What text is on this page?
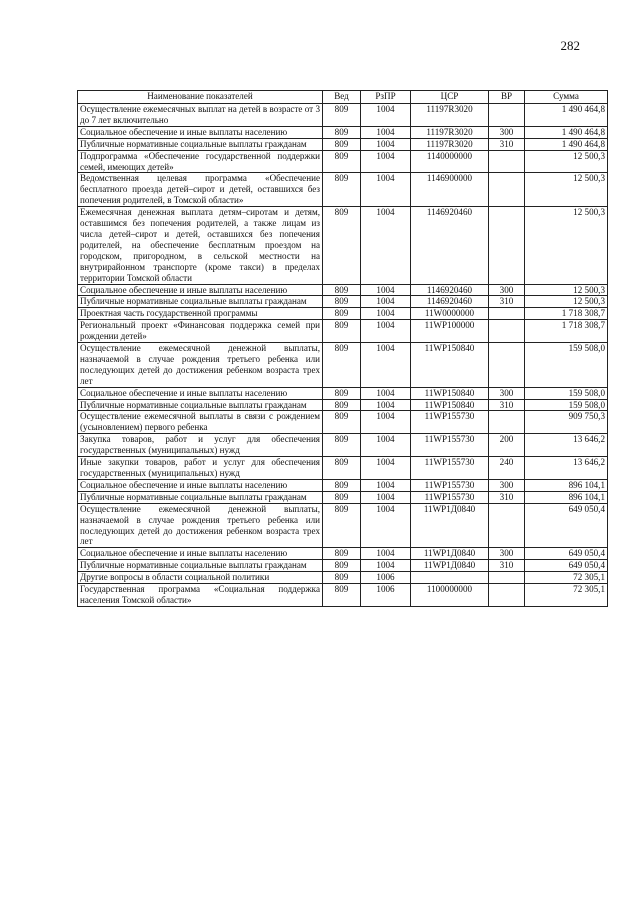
282
Наименование показателей	Вед	РзПР	ЦСР	ВР	Сумма
Осуществление ежемесячных выплат на детей в возрасте от 3 до 7 лет включительно	809	1004	11197R3020		1 490 464,8
Социальное обеспечение и иные выплаты населению	809	1004	11197R3020	300	1 490 464,8
Публичные нормативные социальные выплаты гражданам	809	1004	11197R3020	310	1 490 464,8
Подпрограмма «Обеспечение государственной поддержки семей, имеющих детей»	809	1004	1140000000		12 500,3
Ведомственная целевая программа «Обеспечение бесплатного проезда детей–сирот и детей, оставшихся без попечения родителей, в Томской области»	809	1004	1146900000		12 500,3
Ежемесячная денежная выплата детям–сиротам и детям, оставшимся без попечения родителей, а также лицам из числа детей–сирот и детей, оставшихся без попечения родителей, на обеспечение бесплатным проездом на городском, пригородном, в сельской местности на внутрирайонном транспорте (кроме такси) в пределах территории Томской области	809	1004	1146920460		12 500,3
Социальное обеспечение и иные выплаты населению	809	1004	1146920460	300	12 500,3
Публичные нормативные социальные выплаты гражданам	809	1004	1146920460	310	12 500,3
Проектная часть государственной программы	809	1004	11W0000000		1 718 308,7
Региональный проект «Финансовая поддержка семей при рождении детей»	809	1004	11WP100000		1 718 308,7
Осуществление ежемесячной денежной выплаты, назначаемой в случае рождения третьего ребенка или последующих детей до достижения ребенком возраста трех лет	809	1004	11WP150840		159 508,0
Социальное обеспечение и иные выплаты населению	809	1004	11WP150840	300	159 508,0
Публичные нормативные социальные выплаты гражданам	809	1004	11WP150840	310	159 508,0
Осуществление ежемесячной выплаты в связи с рождением (усыновлением) первого ребенка	809	1004	11WP155730		909 750,3
Закупка товаров, работ и услуг для обеспечения государственных (муниципальных) нужд	809	1004	11WP155730	200	13 646,2
Иные закупки товаров, работ и услуг для обеспечения государственных (муниципальных) нужд	809	1004	11WP155730	240	13 646,2
Социальное обеспечение и иные выплаты населению	809	1004	11WP155730	300	896 104,1
Публичные нормативные социальные выплаты гражданам	809	1004	11WP155730	310	896 104,1
Осуществление ежемесячной денежной выплаты, назначаемой в случае рождения третьего ребенка или последующих детей до достижения ребенком возраста трех лет	809	1004	11WP1Д0840		649 050,4
Социальное обеспечение и иные выплаты населению	809	1004	11WP1Д0840	300	649 050,4
Публичные нормативные социальные выплаты гражданам	809	1004	11WP1Д0840	310	649 050,4
Другие вопросы в области социальной политики	809	1006			72 305,1
Государственная программа «Социальная поддержка населения Томской области»	809	1006	1100000000		72 305,1
